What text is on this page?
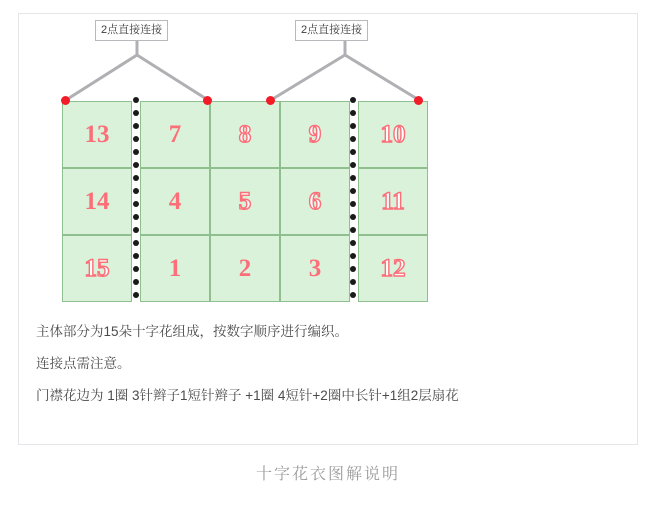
2点直接连接	2点直接连接
13	7	8	9	10
14	4	5	6	11
15	1	2	3	12
主体部分为15朵十字花组成，按数字顺序进行编织。
连接点需注意。
门襟花边为 1圈 3针辫子1短针辫子 +1圈 4短针+2圈中长针+1组2层扇花
十字花衣图解说明
